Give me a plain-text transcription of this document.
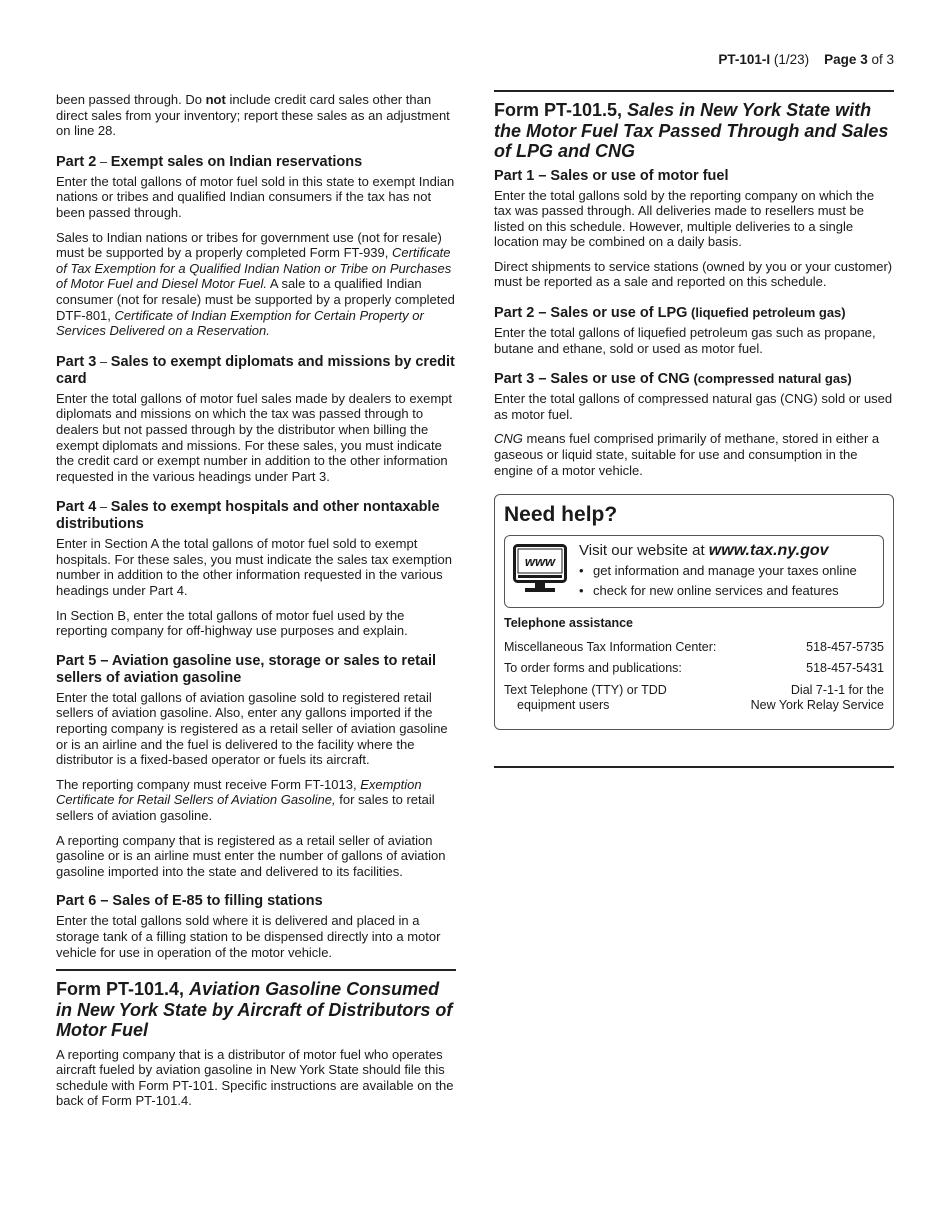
PT-101-I (1/23) Page 3 of 3

been passed through. Do not include credit card sales other than direct sales from your inventory; report these sales as an adjustment on line 28.

Part 2 – Exempt sales on Indian reservations

Enter the total gallons of motor fuel sold in this state to exempt Indian nations or tribes and qualified Indian consumers if the tax has not been passed through.

Sales to Indian nations or tribes for government use (not for resale) must be supported by a properly completed Form FT-939, Certificate of Tax Exemption for a Qualified Indian Nation or Tribe on Purchases of Motor Fuel and Diesel Motor Fuel. A sale to a qualified Indian consumer (not for resale) must be supported by a properly completed DTF-801, Certificate of Indian Exemption for Certain Property or Services Delivered on a Reservation.

Part 3 – Sales to exempt diplomats and missions by credit card

Enter the total gallons of motor fuel sales made by dealers to exempt diplomats and missions on which the tax was passed through to dealers but not passed through by the distributor when billing the exempt diplomats and missions. For these sales, you must indicate the credit card or exempt number in addition to the other information requested in the various headings under Part 3.

Part 4 – Sales to exempt hospitals and other nontaxable distributions

Enter in Section A the total gallons of motor fuel sold to exempt hospitals. For these sales, you must indicate the sales tax exemption number in addition to the other information requested in the various headings under Part 4.

In Section B, enter the total gallons of motor fuel used by the reporting company for off-highway use purposes and explain.

Part 5 – Aviation gasoline use, storage or sales to retail sellers of aviation gasoline

Enter the total gallons of aviation gasoline sold to registered retail sellers of aviation gasoline. Also, enter any gallons imported if the reporting company is registered as a retail seller of aviation gasoline or is an airline and the fuel is delivered to the facility where the distributor is a fixed-based operator or fuels its aircraft.

The reporting company must receive Form FT-1013, Exemption Certificate for Retail Sellers of Aviation Gasoline, for sales to retail sellers of aviation gasoline.

A reporting company that is registered as a retail seller of aviation gasoline or is an airline must enter the number of gallons of aviation gasoline imported into the state and delivered to its facilities.

Part 6 – Sales of E-85 to filling stations

Enter the total gallons sold where it is delivered and placed in a storage tank of a filling station to be dispensed directly into a motor vehicle for use in operation of the motor vehicle.

Form PT-101.4, Aviation Gasoline Consumed in New York State by Aircraft of Distributors of Motor Fuel

A reporting company that is a distributor of motor fuel who operates aircraft fueled by aviation gasoline in New York State should file this schedule with Form PT-101. Specific instructions are available on the back of Form PT-101.4.

Form PT-101.5, Sales in New York State with the Motor Fuel Tax Passed Through and Sales of LPG and CNG
Part 1 – Sales or use of motor fuel

Enter the total gallons sold by the reporting company on which the tax was passed through. All deliveries made to resellers must be listed on this schedule. However, multiple deliveries to a single location may be combined on a daily basis.

Direct shipments to service stations (owned by you or your customer) must be reported as a sale and reported on this schedule.

Part 2 – Sales or use of LPG (liquefied petroleum gas)

Enter the total gallons of liquefied petroleum gas such as propane, butane and ethane, sold or used as motor fuel.

Part 3 – Sales or use of CNG (compressed natural gas)

Enter the total gallons of compressed natural gas (CNG) sold or used as motor fuel.

CNG means fuel comprised primarily of methane, stored in either a gaseous or liquid state, suitable for use and consumption in the engine of a motor vehicle.

Need help?
www
Visit our website at www.tax.ny.gov
• get information and manage your taxes online
• check for new online services and features
Telephone assistance
Miscellaneous Tax Information Center:	518-457-5735
To order forms and publications:	518-457-5431
Text Telephone (TTY) or TDD
equipment users
Dial 7-1-1 for the
New York Relay Service
